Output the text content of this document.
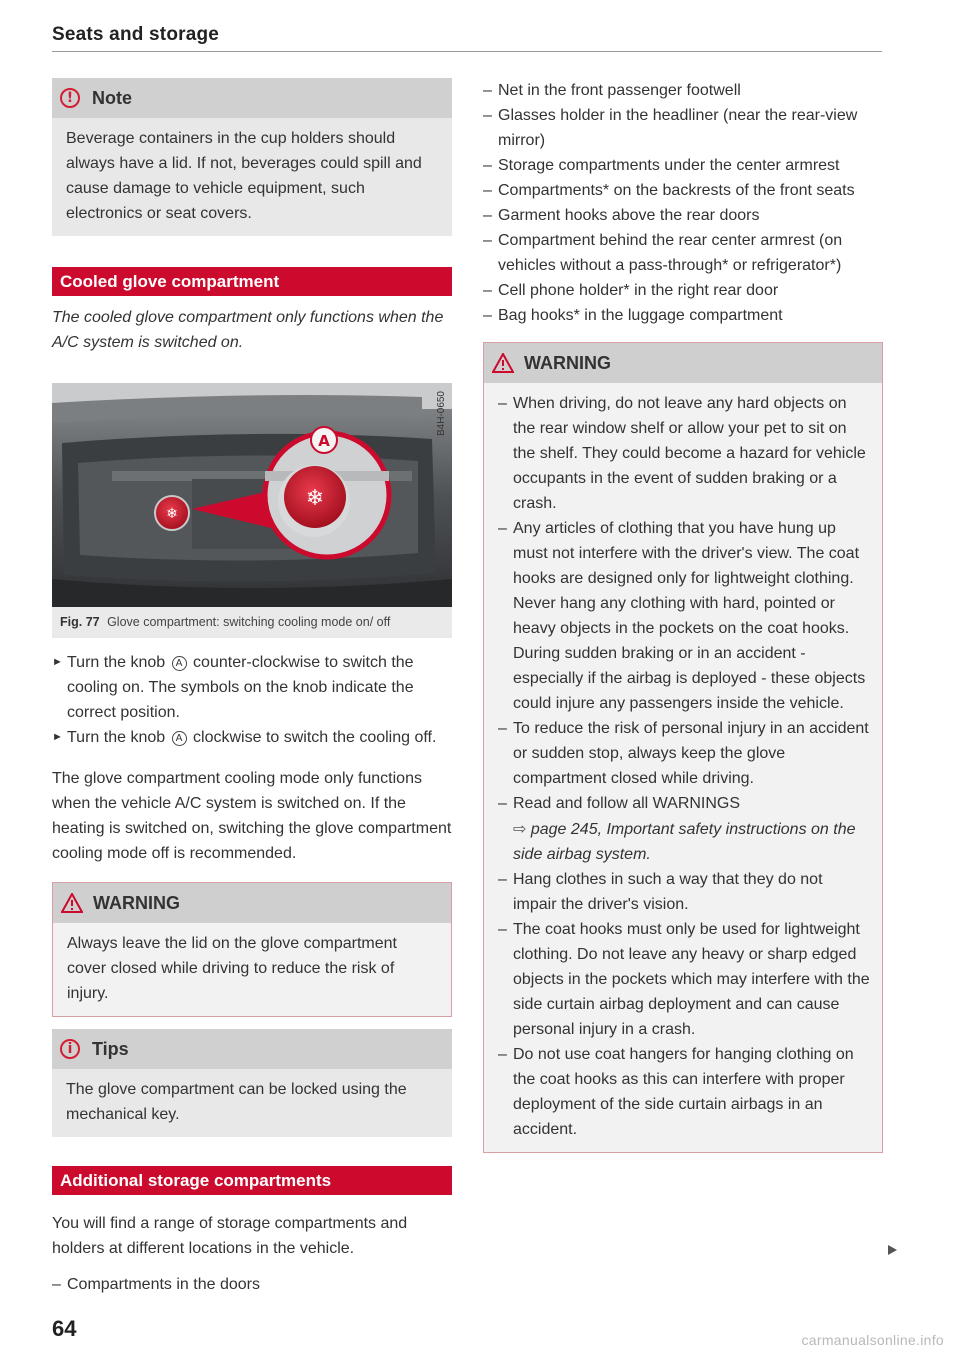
Seats and storage
!	Note
Beverage containers in the cup holders should always have a lid. If not, beverages could spill and cause damage to vehicle equipment, such electronics or seat covers.
Cooled glove compartment
The cooled glove compartment only functions when the A/C system is switched on.
❄
❄
A
B4H-0650
Fig. 77 Glove compartment: switching cooling mode on/ off
► Turn the knob A counter-clockwise to switch the cooling on. The symbols on the knob indicate the correct position.
► Turn the knob A clockwise to switch the cooling off.
The glove compartment cooling mode only functions when the vehicle A/C system is switched on. If the heating is switched on, switching the glove compartment cooling mode off is recommended.
WARNING
Always leave the lid on the glove compartment cover closed while driving to reduce the risk of injury.
i	Tips
The glove compartment can be locked using the mechanical key.
Additional storage compartments
You will find a range of storage compartments and holders at different locations in the vehicle.
– Compartments in the doors
– Net in the front passenger footwell
– Glasses holder in the headliner (near the rear-view mirror)
– Storage compartments under the center armrest
– Compartments* on the backrests of the front seats
– Garment hooks above the rear doors
– Compartment behind the rear center armrest (on vehicles without a pass-through* or refrigerator*)
– Cell phone holder* in the right rear door
– Bag hooks* in the luggage compartment
WARNING
– When driving, do not leave any hard objects on the rear window shelf or allow your pet to sit on the shelf. They could become a hazard for vehicle occupants in the event of sudden braking or a crash.
– Any articles of clothing that you have hung up must not interfere with the driver's view. The coat hooks are designed only for lightweight clothing. Never hang any clothing with hard, pointed or heavy objects in the pockets on the coat hooks. During sudden braking or in an accident - especially if the airbag is deployed - these objects could injure any passengers inside the vehicle.
– To reduce the risk of personal injury in an accident or sudden stop, always keep the glove compartment closed while driving.
– Read and follow all WARNINGS
⇨ page 245, Important safety instructions on the side airbag system.
– Hang clothes in such a way that they do not impair the driver's vision.
– The coat hooks must only be used for lightweight clothing. Do not leave any heavy or sharp edged objects in the pockets which may interfere with the side curtain airbag deployment and can cause personal injury in a crash.
– Do not use coat hangers for hanging clothing on the coat hooks as this can interfere with proper deployment of the side curtain airbags in an accident.
64	carmanualsonline.info
